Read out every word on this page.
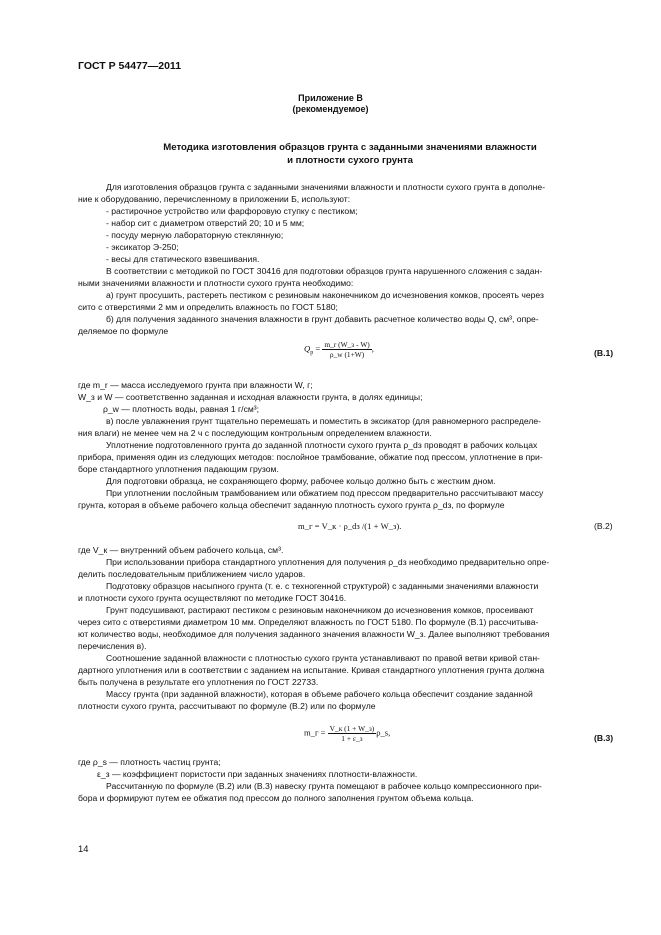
ГОСТ Р 54477—2011
Приложение В
(рекомендуемое)
Методика изготовления образцов грунта с заданными значениями влажности
и плотности сухого грунта
Для изготовления образцов грунта с заданными значениями влажности и плотности сухого грунта в дополне-
ние к оборудованию, перечисленному в приложении Б, используют:
- растирочное устройство или фарфоровую ступку с пестиком;
- набор сит с диаметром отверстий 20; 10 и 5 мм;
- посуду мерную лабораторную стеклянную;
- эксикатор Э-250;
- весы для статического взвешивания.
В соответствии с методикой по ГОСТ 30416 для подготовки образцов грунта нарушенного сложения с задан-
ными значениями влажности и плотности сухого грунта необходимо:
а) грунт просушить, растереть пестиком с резиновым наконечником до исчезновения комков, просеять через
сито с отверстиями 2 мм и определить влажность по ГОСТ 5180;
б) для получения заданного значения влажности в грунт добавить расчетное количество воды Q, см³, опре-
деляемое по формуле
$Q_р = \frac{m\_r (W\_з - W)}{\rho\_w (1+W)}$ ,	(В.1)
где m_r — масса исследуемого грунта при влажности W, г;
W_з и W — соответственно заданная и исходная влажности грунта, в долях единицы;
ρ_w — плотность воды, равная 1 г/см³;
в) после увлажнения грунт тщательно перемешать и поместить в эксикатор (для равномерного распределе-
ния влаги) не менее чем на 2 ч с последующим контрольным определением влажности.
Уплотнение подготовленного грунта до заданной плотности сухого грунта ρ_dз проводят в рабочих кольцах
прибора, применяя один из следующих методов: послойное трамбование, обжатие под прессом, уплотнение в при-
боре стандартного уплотнения падающим грузом.
Для подготовки образца, не сохраняющего форму, рабочее кольцо должно быть с жестким дном.
При уплотнении послойным трамбованием или обжатием под прессом предварительно рассчитывают массу
грунта, которая в объеме рабочего кольца обеспечит заданную плотность сухого грунта ρ_dз, по формуле
m_г = V_к · ρ_dз /(1 + W_з).	(В.2)
где V_к — внутренний объем рабочего кольца, см³.
При использовании прибора стандартного уплотнения для получения ρ_dз необходимо предварительно опре-
делить последовательным приближением число ударов.
Подготовку образцов насыпного грунта (т. е. с техногенной структурой) с заданными значениями влажности
и плотности сухого грунта осуществляют по методике ГОСТ 30416.
Грунт подсушивают, растирают пестиком с резиновым наконечником до исчезновения комков, просеивают
через сито с отверстиями диаметром 10 мм. Определяют влажность по ГОСТ 5180. По формуле (В.1) рассчитыва-
ют количество воды, необходимое для получения заданного значения влажности W_з. Далее выполняют требования
перечисления в).
Соотношение заданной влажности с плотностью сухого грунта устанавливают по правой ветви кривой стан-
дартного уплотнения или в соответствии с заданием на испытание. Кривая стандартного уплотнения грунта должна
быть получена в результате его уплотнения по ГОСТ 22733.
Массу грунта (при заданной влажности), которая в объеме рабочего кольца обеспечит создание заданной
плотности сухого грунта, рассчитывают по формуле (В.2) или по формуле
m_г = $\frac{V\_к (1 + W\_з)}{1 + \varepsilon\_з}$ ρ_s,
(В.3)
где ρ_s — плотность частиц грунта;
ε_з — коэффициент пористости при заданных значениях плотности-влажности.
Рассчитанную по формуле (В.2) или (В.3) навеску грунта помещают в рабочее кольцо компрессионного при-
бора и формируют путем ее обжатия под прессом до полного заполнения грунтом объема кольца.
14
